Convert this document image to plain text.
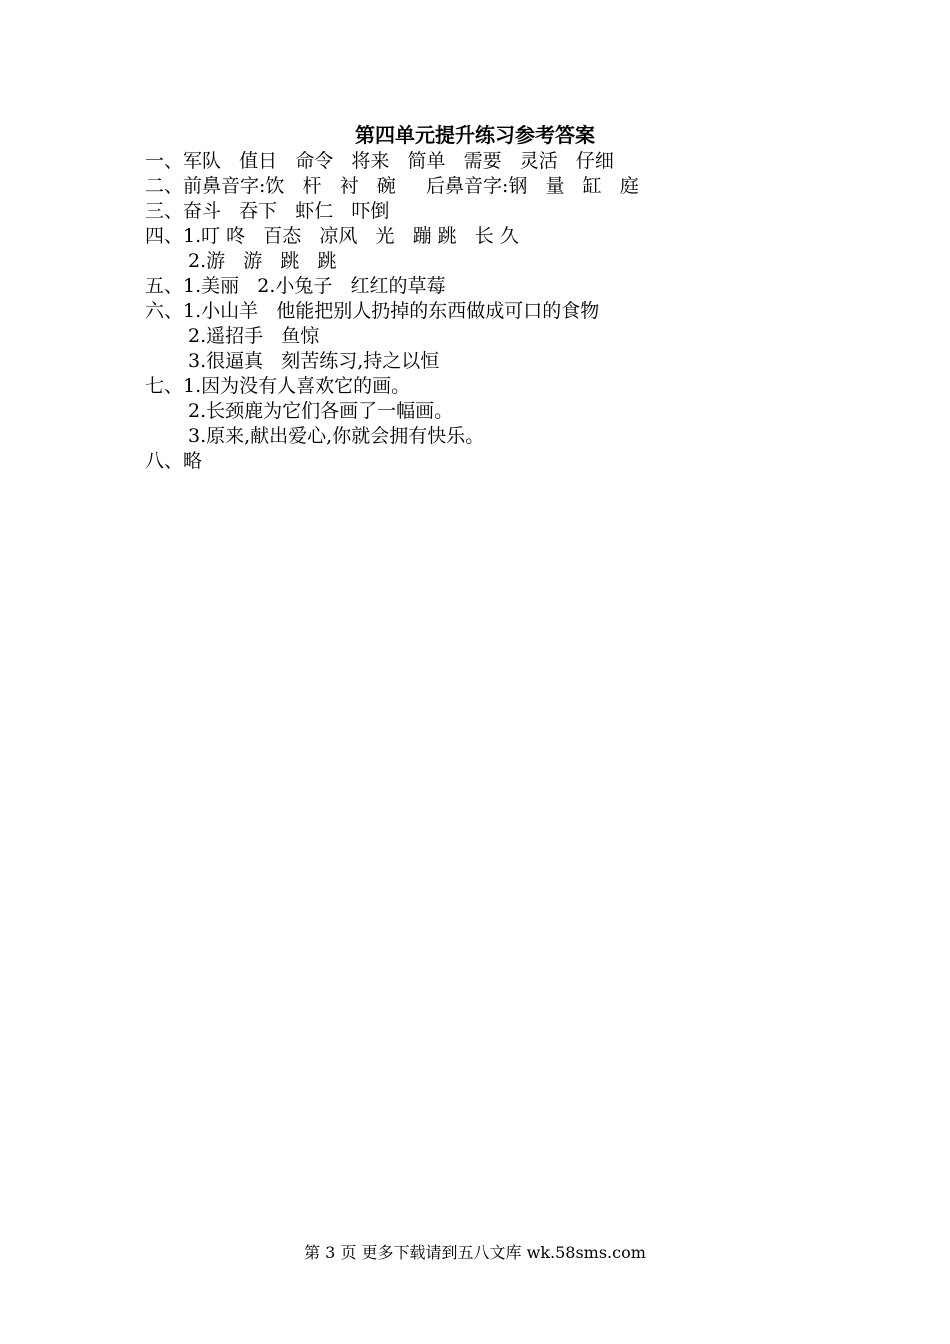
第四单元提升练习参考答案
一、军队   值日   命令   将来   简单   需要   灵活   仔细
二、前鼻音字:饮   杆   衬   碗     后鼻音字:钢   量   缸   庭
三、奋斗   吞下   虾仁   吓倒
四、1.叮 咚   百态   凉风   光   蹦 跳   长 久
2.游   游   跳   跳
五、1.美丽   2.小兔子   红红的草莓
六、1.小山羊   他能把别人扔掉的东西做成可口的食物
2.遥招手   鱼惊
3.很逼真   刻苦练习,持之以恒
七、1.因为没有人喜欢它的画。
2.长颈鹿为它们各画了一幅画。
3.原来,献出爱心,你就会拥有快乐。
八、略
第 3 页 更多下载请到五八文库 wk.58sms.com
